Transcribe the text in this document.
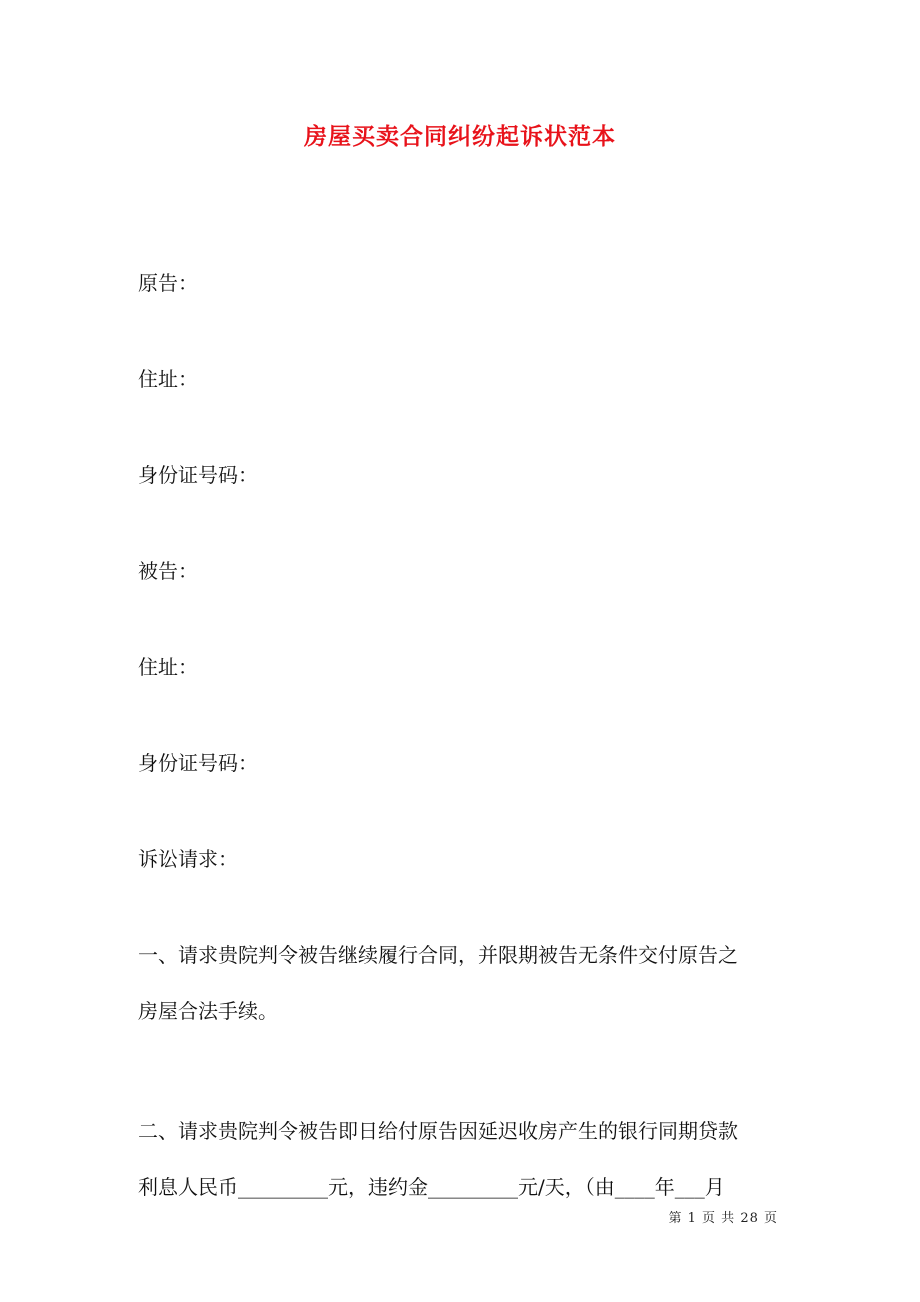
房屋买卖合同纠纷起诉状范本
原告：
住址：
身份证号码：
被告：
住址：
身份证号码：
诉讼请求：
一、请求贵院判令被告继续履行合同，并限期被告无条件交付原告之
房屋合法手续。
二、请求贵院判令被告即日给付原告因延迟收房产生的银行同期贷款
利息人民币_________元，违约金_________元/天，（由____年___月
第 1 页 共 28 页
